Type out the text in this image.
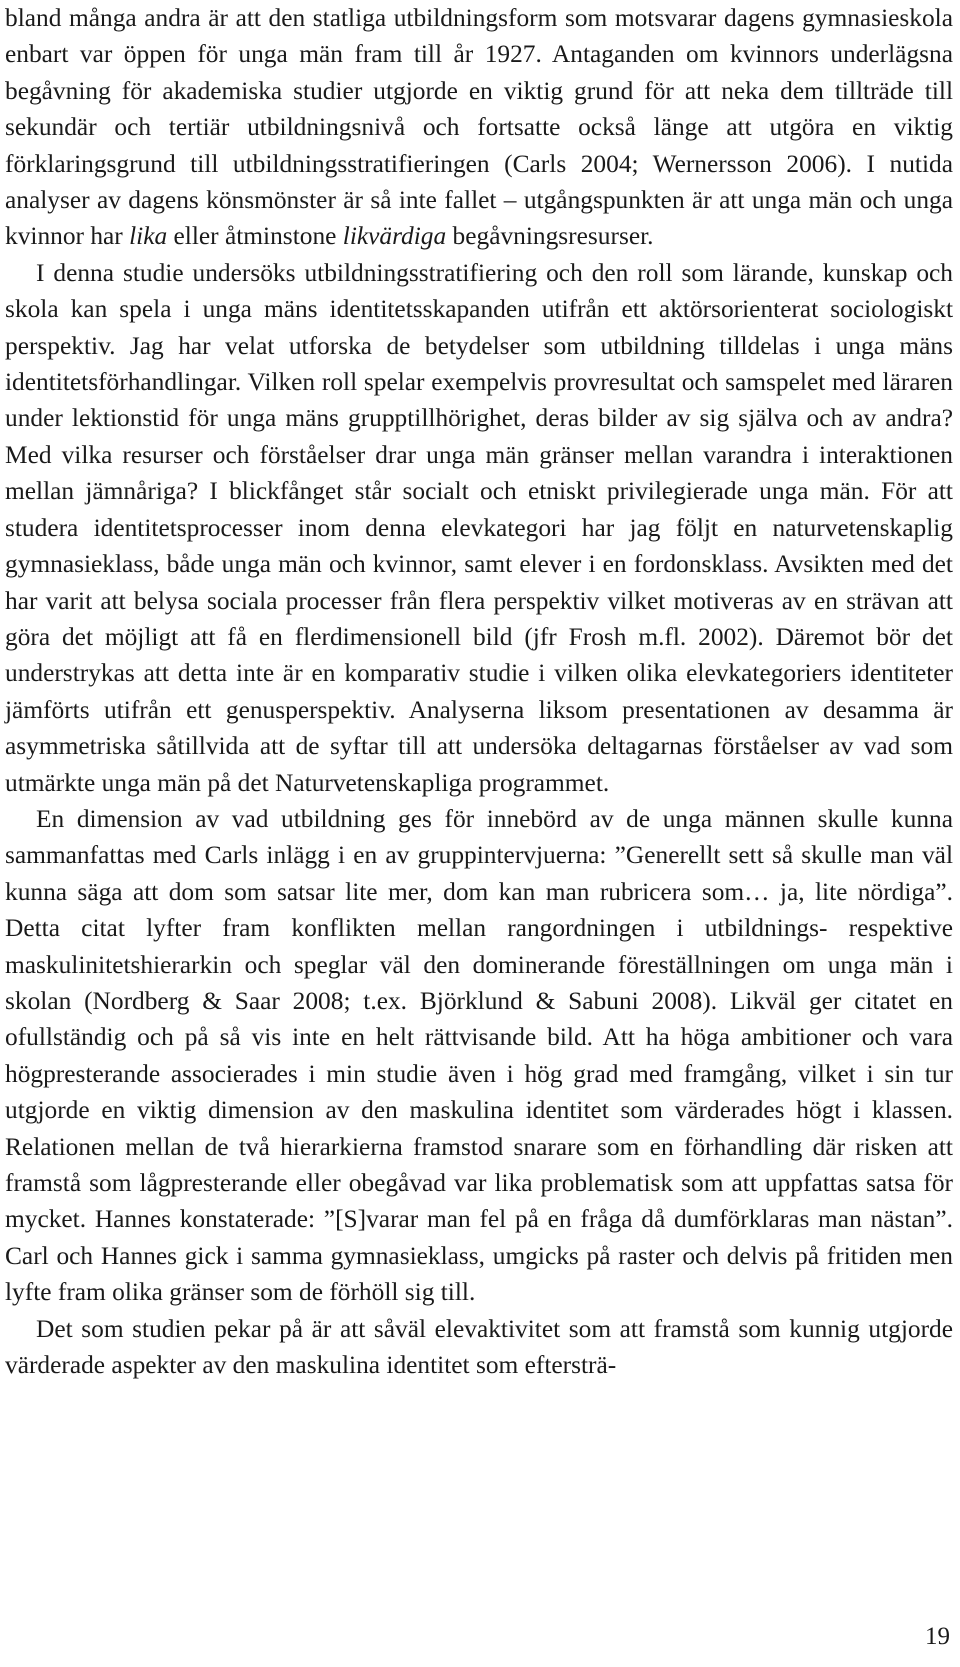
bland många andra är att den statliga utbildningsform som motsvarar dagens gymnasieskola enbart var öppen för unga män fram till år 1927. Antaganden om kvinnors underlägsna begåvning för akademiska studier utgjorde en viktig grund för att neka dem tillträde till sekundär och tertiär utbildningsnivå och fortsatte också länge att utgöra en viktig förklaringsgrund till utbildningsstratifieringen (Carls 2004; Wernersson 2006). I nutida analyser av dagens könsmönster är så inte fallet – utgångspunkten är att unga män och unga kvinnor har lika eller åtminstone likvärdiga begåvningsresurser.

I denna studie undersöks utbildningsstratifiering och den roll som lärande, kunskap och skola kan spela i unga mäns identitetsskapanden utifrån ett aktörsorienterat sociologiskt perspektiv. Jag har velat utforska de betydelser som utbildning tilldelas i unga mäns identitetsförhandlingar. Vilken roll spelar exempelvis provresultat och samspelet med läraren under lektionstid för unga mäns grupptillhörighet, deras bilder av sig själva och av andra? Med vilka resurser och förståelser drar unga män gränser mellan varandra i interaktionen mellan jämnåriga? I blickfånget står socialt och etniskt privilegierade unga män. För att studera identitetsprocesser inom denna elevkategori har jag följt en naturvetenskaplig gymnasieklass, både unga män och kvinnor, samt elever i en fordonsklass. Avsikten med det har varit att belysa sociala processer från flera perspektiv vilket motiveras av en strävan att göra det möjligt att få en flerdimensionell bild (jfr Frosh m.fl. 2002). Däremot bör det understrykas att detta inte är en komparativ studie i vilken olika elevkategoriers identiteter jämförts utifrån ett genusperspektiv. Analyserna liksom presentationen av desamma är asymmetriska såtillvida att de syftar till att undersöka deltagarnas förståelser av vad som utmärkte unga män på det Naturvetenskapliga programmet.

En dimension av vad utbildning ges för innebörd av de unga männen skulle kunna sammanfattas med Carls inlägg i en av gruppintervjuerna: ”Generellt sett så skulle man väl kunna säga att dom som satsar lite mer, dom kan man rubricera som… ja, lite nördiga”. Detta citat lyfter fram konflikten mellan rangordningen i utbildnings- respektive maskulinitetshierarkin och speglar väl den dominerande föreställningen om unga män i skolan (Nordberg & Saar 2008; t.ex. Björklund & Sabuni 2008). Likväl ger citatet en ofullständig och på så vis inte en helt rättvisande bild. Att ha höga ambitioner och vara högpresterande associerades i min studie även i hög grad med framgång, vilket i sin tur utgjorde en viktig dimension av den maskulina identitet som värderades högt i klassen. Relationen mellan de två hierarkierna framstod snarare som en förhandling där risken att framstå som lågpresterande eller obegåvad var lika problematisk som att uppfattas satsa för mycket. Hannes konstaterade: ”[S]varar man fel på en fråga då dumförklaras man nästan”. Carl och Hannes gick i samma gymnasieklass, umgicks på raster och delvis på fritiden men lyfte fram olika gränser som de förhöll sig till.

Det som studien pekar på är att såväl elevaktivitet som att framstå som kunnig utgjorde värderade aspekter av den maskulina identitet som eftersträ-

19
